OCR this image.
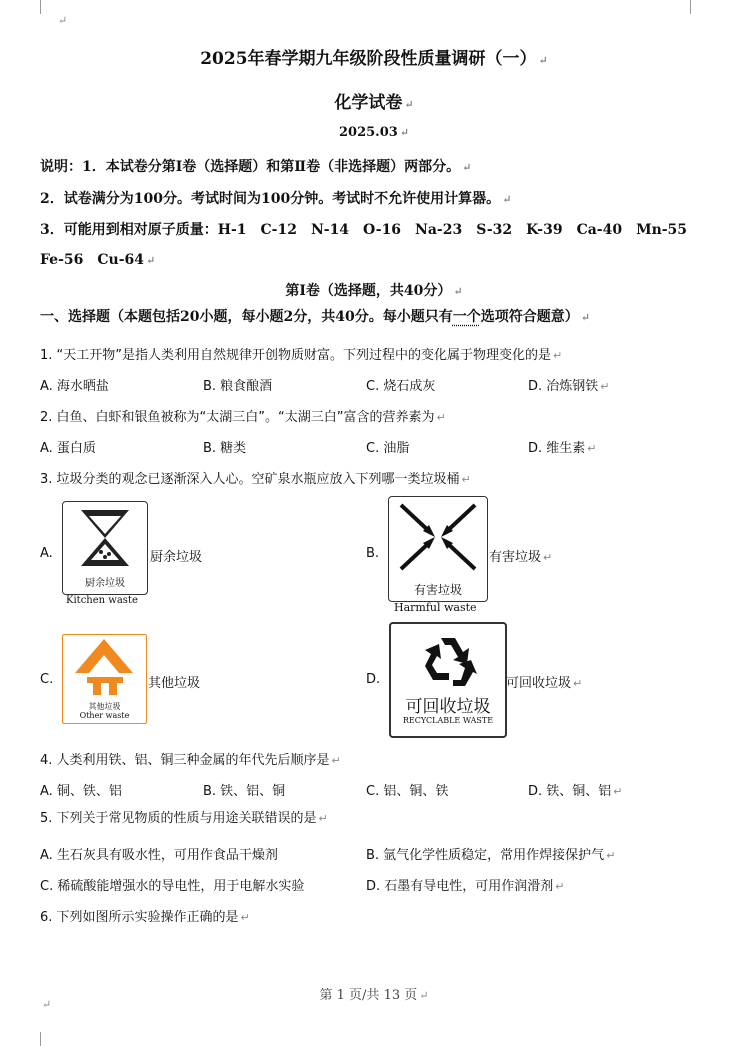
↵
2025年春学期九年级阶段性质量调研（一） ↵
化学试卷 ↵
2025.03 ↵
说明：1．本试卷分第Ⅰ卷（选择题）和第Ⅱ卷（非选择题）两部分。 ↵
2．试卷满分为100分。考试时间为100分钟。考试时不允许使用计算器。 ↵
3．可能用到相对原子质量：H-1　C-12　N-14　O-16　Na-23　S-32　K-39　Ca-40　Mn-55
Fe-56　Cu-64 ↵
第Ⅰ卷（选择题，共40分） ↵
一、选择题（本题包括20小题，每小题2分，共40分。每小题只有一个选项符合题意） ↵
1. “天工开物”是指人类利用自然规律开创物质财富。下列过程中的变化属于物理变化的是 ↵
A. 海水晒盐	B. 粮食酿酒	C. 烧石成灰	D. 冶炼钢铁 ↵
2. 白鱼、白虾和银鱼被称为“太湖三白”。“太湖三白”富含的营养素为 ↵
A. 蛋白质	B. 糖类	C. 油脂	D. 维生素 ↵
3. 垃圾分类的观念已逐渐深入人心。空矿泉水瓶应放入下列哪一类垃圾桶 ↵
A.
厨余垃圾
Kitchen waste
厨余垃圾	B.
有害垃圾
Harmful waste
有害垃圾 ↵
C.
其他垃圾
Other waste
其他垃圾	D.
可回收垃圾
RECYCLABLE WASTE
可回收垃圾 ↵
4. 人类利用铁、铝、铜三种金属的年代先后顺序是 ↵
A. 铜、铁、铝	B. 铁、铝、铜	C. 铝、铜、铁	D. 铁、铜、铝 ↵
5. 下列关于常见物质的性质与用途关联错误的是 ↵
A. 生石灰具有吸水性，可用作食品干燥剂	B. 氩气化学性质稳定，常用作焊接保护气 ↵
C. 稀硫酸能增强水的导电性，用于电解水实验	D. 石墨有导电性，可用作润滑剂 ↵
6. 下列如图所示实验操作正确的是 ↵
第 1 页/共 13 页 ↵
↵
